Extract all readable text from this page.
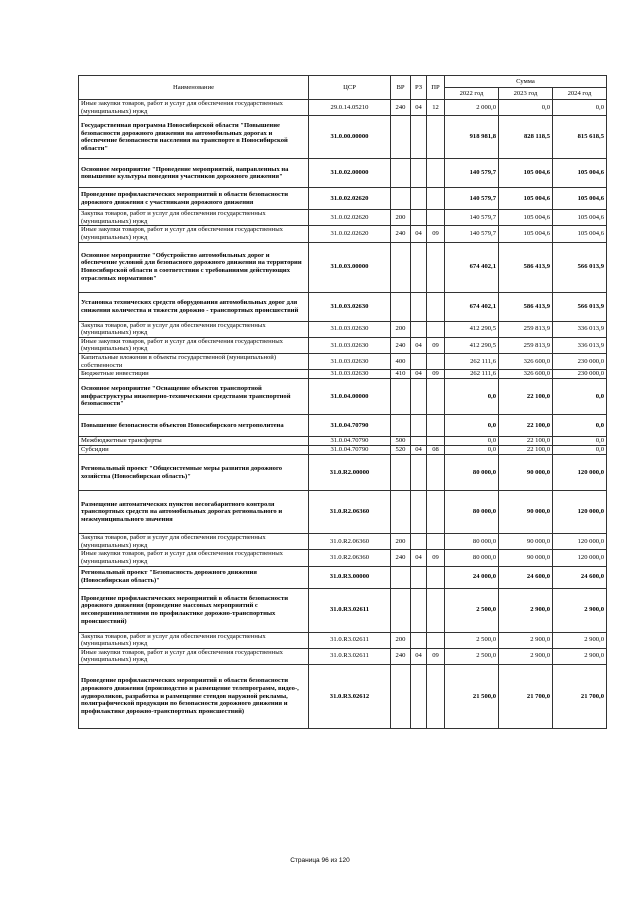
Наименование	ЦСР	ВР	РЗ	ПР	Сумма		
					2022 год	2023 год	2024 год
Иные закупки товаров, работ и услуг для обеспечения государственных (муниципальных) нужд	29.0.14.05210	240	04	12	2 000,0	0,0	0,0
Государственная программа Новосибирской области "Повышение безопасности дорожного движения на автомобильных дорогах и обеспечение безопасности населения на транспорте в Новосибирской области"	31.0.00.00000				918 981,8	828 118,5	815 618,5
Основное мероприятие "Проведение мероприятий, направленных на повышение культуры поведения участников дорожного движения"	31.0.02.00000				140 579,7	105 004,6	105 004,6
Проведение профилактических мероприятий в области безопасности дорожного движения с участниками дорожного движения	31.0.02.02620				140 579,7	105 004,6	105 004,6
Закупка товаров, работ и услуг для обеспечения государственных (муниципальных) нужд	31.0.02.02620	200			140 579,7	105 004,6	105 004,6
Иные закупки товаров, работ и услуг для обеспечения государственных (муниципальных) нужд	31.0.02.02620	240	04	09	140 579,7	105 004,6	105 004,6
Основное мероприятие "Обустройство автомобильных дорог и обеспечение условий для безопасного дорожного движения на территории Новосибирской области в соответствии с требованиями действующих отраслевых нормативов"	31.0.03.00000				674 402,1	586 413,9	566 013,9
Установка технических средств оборудования автомобильных дорог для снижения количества и тяжести дорожно - транспортных происшествий	31.0.03.02630				674 402,1	586 413,9	566 013,9
Закупка товаров, работ и услуг для обеспечения государственных (муниципальных) нужд	31.0.03.02630	200			412 290,5	259 813,9	336 013,9
Иные закупки товаров, работ и услуг для обеспечения государственных (муниципальных) нужд	31.0.03.02630	240	04	09	412 290,5	259 813,9	336 013,9
Капитальные вложения в объекты государственной (муниципальной) собственности	31.0.03.02630	400			262 111,6	326 600,0	230 000,0
Бюджетные инвестиции	31.0.03.02630	410	04	09	262 111,6	326 600,0	230 000,0
Основное мероприятие "Оснащение объектов транспортной инфраструктуры инженерно-техническими средствами транспортной безопасности"	31.0.04.00000				0,0	22 100,0	0,0
Повышение безопасности объектов Новосибирского метрополитена	31.0.04.70790				0,0	22 100,0	0,0
Межбюджетные трансферты	31.0.04.70790	500			0,0	22 100,0	0,0
Субсидии	31.0.04.70790	520	04	08	0,0	22 100,0	0,0
Региональный проект "Общесистемные меры развития дорожного хозяйства (Новосибирская область)"	31.0.R2.00000				80 000,0	90 000,0	120 000,0
Размещение автоматических пунктов весогабаритного контроля транспортных средств на автомобильных дорогах регионального и межмуниципального значения	31.0.R2.06360				80 000,0	90 000,0	120 000,0
Закупка товаров, работ и услуг для обеспечения государственных (муниципальных) нужд	31.0.R2.06360	200			80 000,0	90 000,0	120 000,0
Иные закупки товаров, работ и услуг для обеспечения государственных (муниципальных) нужд	31.0.R2.06360	240	04	09	80 000,0	90 000,0	120 000,0
Региональный проект "Безопасность дорожного движения (Новосибирская область)"	31.0.R3.00000				24 000,0	24 600,0	24 600,0
Проведение профилактических мероприятий в области безопасности дорожного движения (проведение массовых мероприятий с несовершеннолетними по профилактике дорожно-транспортных происшествий)	31.0.R3.02611				2 500,0	2 900,0	2 900,0
Закупка товаров, работ и услуг для обеспечения государственных (муниципальных) нужд	31.0.R3.02611	200			2 500,0	2 900,0	2 900,0
Иные закупки товаров, работ и услуг для обеспечения государственных (муниципальных) нужд	31.0.R3.02611	240	04	09	2 500,0	2 900,0	2 900,0
Проведение профилактических мероприятий в области безопасности дорожного движения (производство и размещение телепрограмм, видео-, аудиороликов, разработка и размещение стендов наружной рекламы, полиграфической продукции по безопасности дорожного движения и профилактике дорожно-транспортных происшествий)	31.0.R3.02612				21 500,0	21 700,0	21 700,0
Страница 96 из 120
